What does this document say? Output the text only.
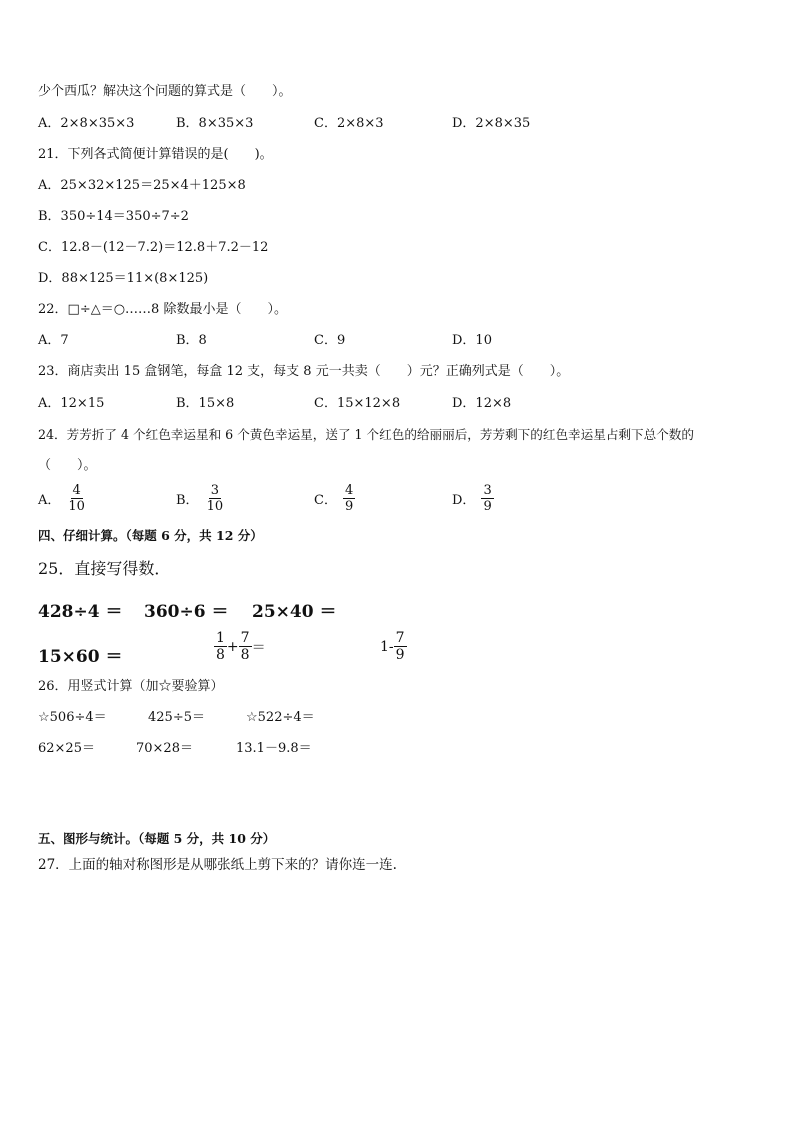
少个西瓜？解决这个问题的算式是（　　）。
A．2×8×35×3	B．8×35×3	C．2×8×3	D．2×8×35
21．下列各式简便计算错误的是(　　)。
A．25×32×125＝25×4＋125×8
B．350÷14＝350÷7÷2
C．12.8－(12－7.2)＝12.8＋7.2－12
D．88×125＝11×(8×125)
22．□÷△＝○……8 除数最小是（　　）。
A．7	B．8	C．9	D．10
23．商店卖出 15 盒钢笔，每盒 12 支，每支 8 元一共卖（　　）元？正确列式是（　　）。
A．12×15	B．15×8	C．15×12×8	D．12×8
24．芳芳折了 4 个红色幸运星和 6 个黄色幸运星，送了 1 个红色的给丽丽后，芳芳剩下的红色幸运星占剩下总个数的
（　　）。
A． $\frac{4}{10}$	B． $\frac{3}{10}$	C． $\frac{4}{9}$	D． $\frac{3}{9}$
四、仔细计算。（每题 6 分，共 12 分）
25．直接写得数．
428÷4 ＝ 360÷6 ＝ 25×40 ＝
15×60 ＝	$\frac{1}{8} + \frac{7}{8}$ ＝	$1- \frac{7}{9}$
26．用竖式计算（加☆要验算）
☆506÷4＝	425÷5＝	☆522÷4＝
62×25＝	70×28＝	13.1－9.8＝
五、图形与统计。（每题 5 分，共 10 分）
27．上面的轴对称图形是从哪张纸上剪下来的？请你连一连.
